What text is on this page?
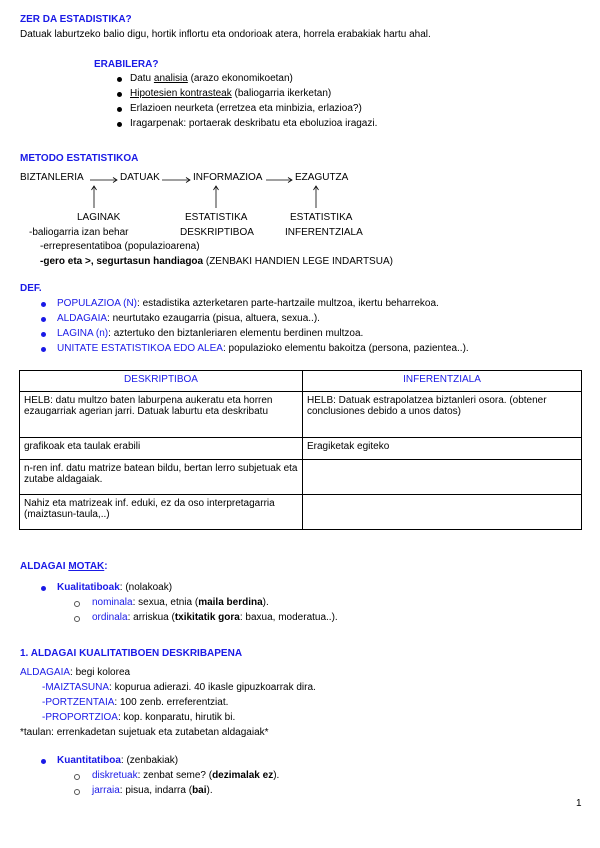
ZER DA ESTADISTIKA?
Datuak laburtzeko balio digu, hortik inflortu eta ondorioak atera, horrela erabakiak hartu ahal.
ERABILERA?
Datu analisia (arazo ekonomikoetan)
Hipotesien kontrasteak (baliogarria ikerketan)
Erlazioen neurketa (erretzea eta minbizia, erlazioa?)
Iragarpenak: portaerak deskribatu eta eboluzioa iragazi.
METODO ESTATISTIKOA
BIZTANLERIA	DATUAK	INFORMAZIOA	EZAGUTZA
LAGINAK	ESTATISTIKA
DESKRIPTIBOA
ESTATISTIKA
INFERENTZIALA
-baliogarria izan behar
-errepresentatiboa (populazioarena)
-gero eta >, segurtasun handiagoa (ZENBAKI HANDIEN LEGE INDARTSUA)
DEF.
POPULAZIOA (N): estadistika azterketaren parte-hartzaile multzoa, ikertu beharrekoa.
ALDAGAIA: neurtutako ezaugarria (pisua, altuera, sexua..).
LAGINA (n): aztertuko den biztanleriaren elementu berdinen multzoa.
UNITATE ESTATISTIKOA EDO ALEA: populazioko elementu bakoitza (persona, pazientea..).
DESKRIPTIBOA	INFERENTZIALA
HELB: datu multzo baten laburpena aukeratu eta horren ezaugarriak agerian jarri. Datuak laburtu eta deskribatu	HELB: Datuak estrapolatzea biztanleri osora. (obtener conclusiones debido a unos datos)
grafikoak eta taulak erabili	Eragiketak egiteko
n-ren inf. datu matrize batean bildu, bertan lerro subjetuak eta zutabe aldagaiak.	
Nahiz eta matrizeak inf. eduki, ez da oso interpretagarria (maiztasun-taula,..)	
ALDAGAI MOTAK:
Kualitatiboak: (nolakoak)
nominala: sexua, etnia (maila berdina).
ordinala: arriskua (txikitatik gora: baxua, moderatua..).
1. ALDAGAI KUALITATIBOEN DESKRIBAPENA
ALDAGAIA: begi kolorea
-MAIZTASUNA: kopurua adierazi. 40 ikasle gipuzkoarrak dira.
-PORTZENTAIA: 100 zenb. erreferentziat.
-PROPORTZIOA: kop. konparatu, hirutik bi.
*taulan: errenkadetan sujetuak eta zutabetan aldagaiak*
Kuantitatiboa: (zenbakiak)
diskretuak: zenbat seme? (dezimalak ez).
jarraia: pisua, indarra (bai).
1
